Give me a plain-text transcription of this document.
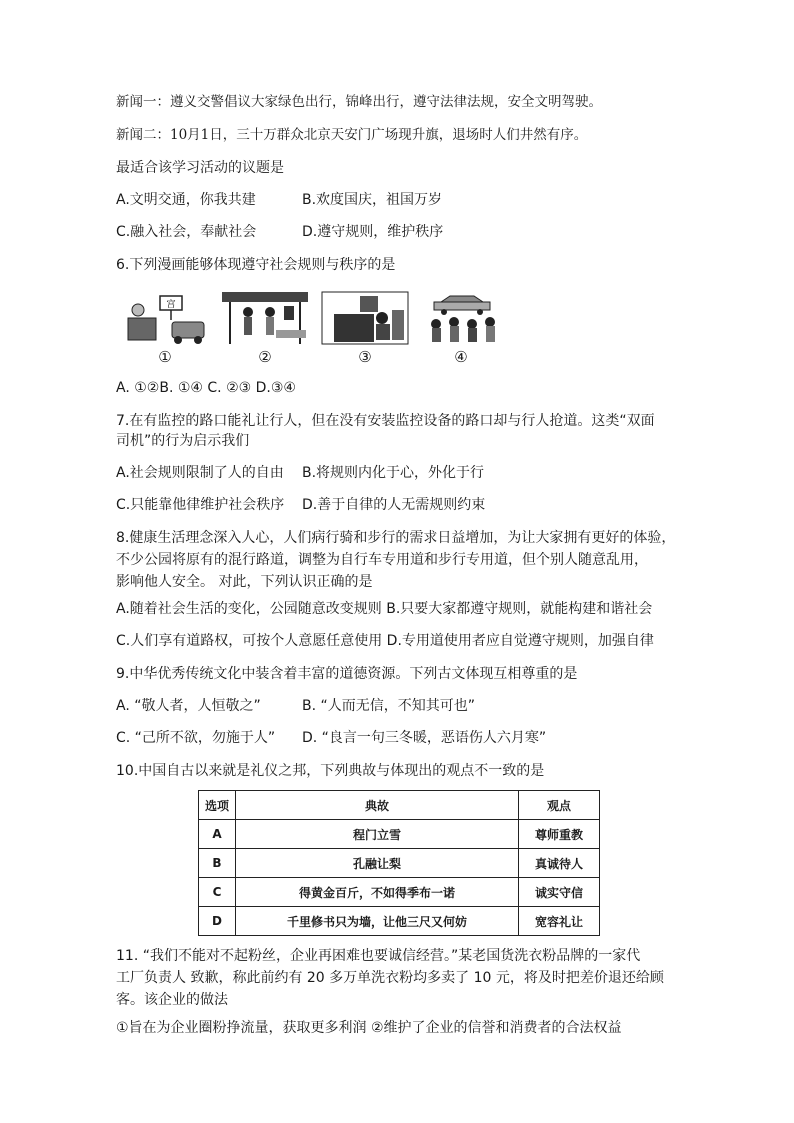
新闻一：遵义交警倡议大家绿色出行，锦峰出行，遵守法律法规，安全文明驾驶。
新闻二：10月1日，三十万群众北京天安门广场现升旗，退场时人们井然有序。
最适合该学习活动的议题是
A.文明交通，你我共建	B.欢度国庆，祖国万岁
C.融入社会，奉献社会	D.遵守规则，维护秩序
6.下列漫画能够体现遵守社会规则与秩序的是
宫
①	②	③	④
A. ①②B. ①④ C. ②③ D.③④
7.在有监控的路口能礼让行人，但在没有安装监控设备的路口却与行人抢道。这类“双面
司机”的行为启示我们
A.社会规则限制了人的自由 B.将规则内化于心，外化于行
C.只能靠他律维护社会秩序 D.善于自律的人无需规则约束
8.健康生活理念深入人心，人们病行骑和步行的需求日益增加，为让大家拥有更好的体验，
不少公园将原有的混行路道，调整为自行车专用道和步行专用道，但个别人随意乱用，
影响他人安全。 对此，下列认识正确的是
A.随着社会生活的变化，公园随意改变规则 B.只要大家都遵守规则，就能构建和谐社会
C.人们享有道路权，可按个人意愿任意使用 D.专用道使用者应自觉遵守规则，加强自律
9.中华优秀传统文化中装含着丰富的道德资源。下列古文体现互相尊重的是
A. “敬人者，人恒敬之”	B. “人而无信，不知其可也”
C. “己所不欲，勿施于人” D. “良言一句三冬暖，恶语伤人六月寒”
10.中国自古以来就是礼仪之邦，下列典故与体现出的观点不一致的是
选项	典故	观点
A	程门立雪	尊师重教
B	孔融让梨	真诚待人
C	得黄金百斤，不如得季布一诺	诚实守信
D	千里修书只为墙，让他三尺又何妨	宽容礼让
11. “我们不能对不起粉丝，企业再困难也要诚信经营。”某老国货洗衣粉品牌的一家代
工厂负责人 致歉，称此前约有 20 多万单洗衣粉均多卖了 10 元，将及时把差价退还给顾
客。该企业的做法
①旨在为企业圈粉挣流量，获取更多利润 ②维护了企业的信誉和消费者的合法权益
